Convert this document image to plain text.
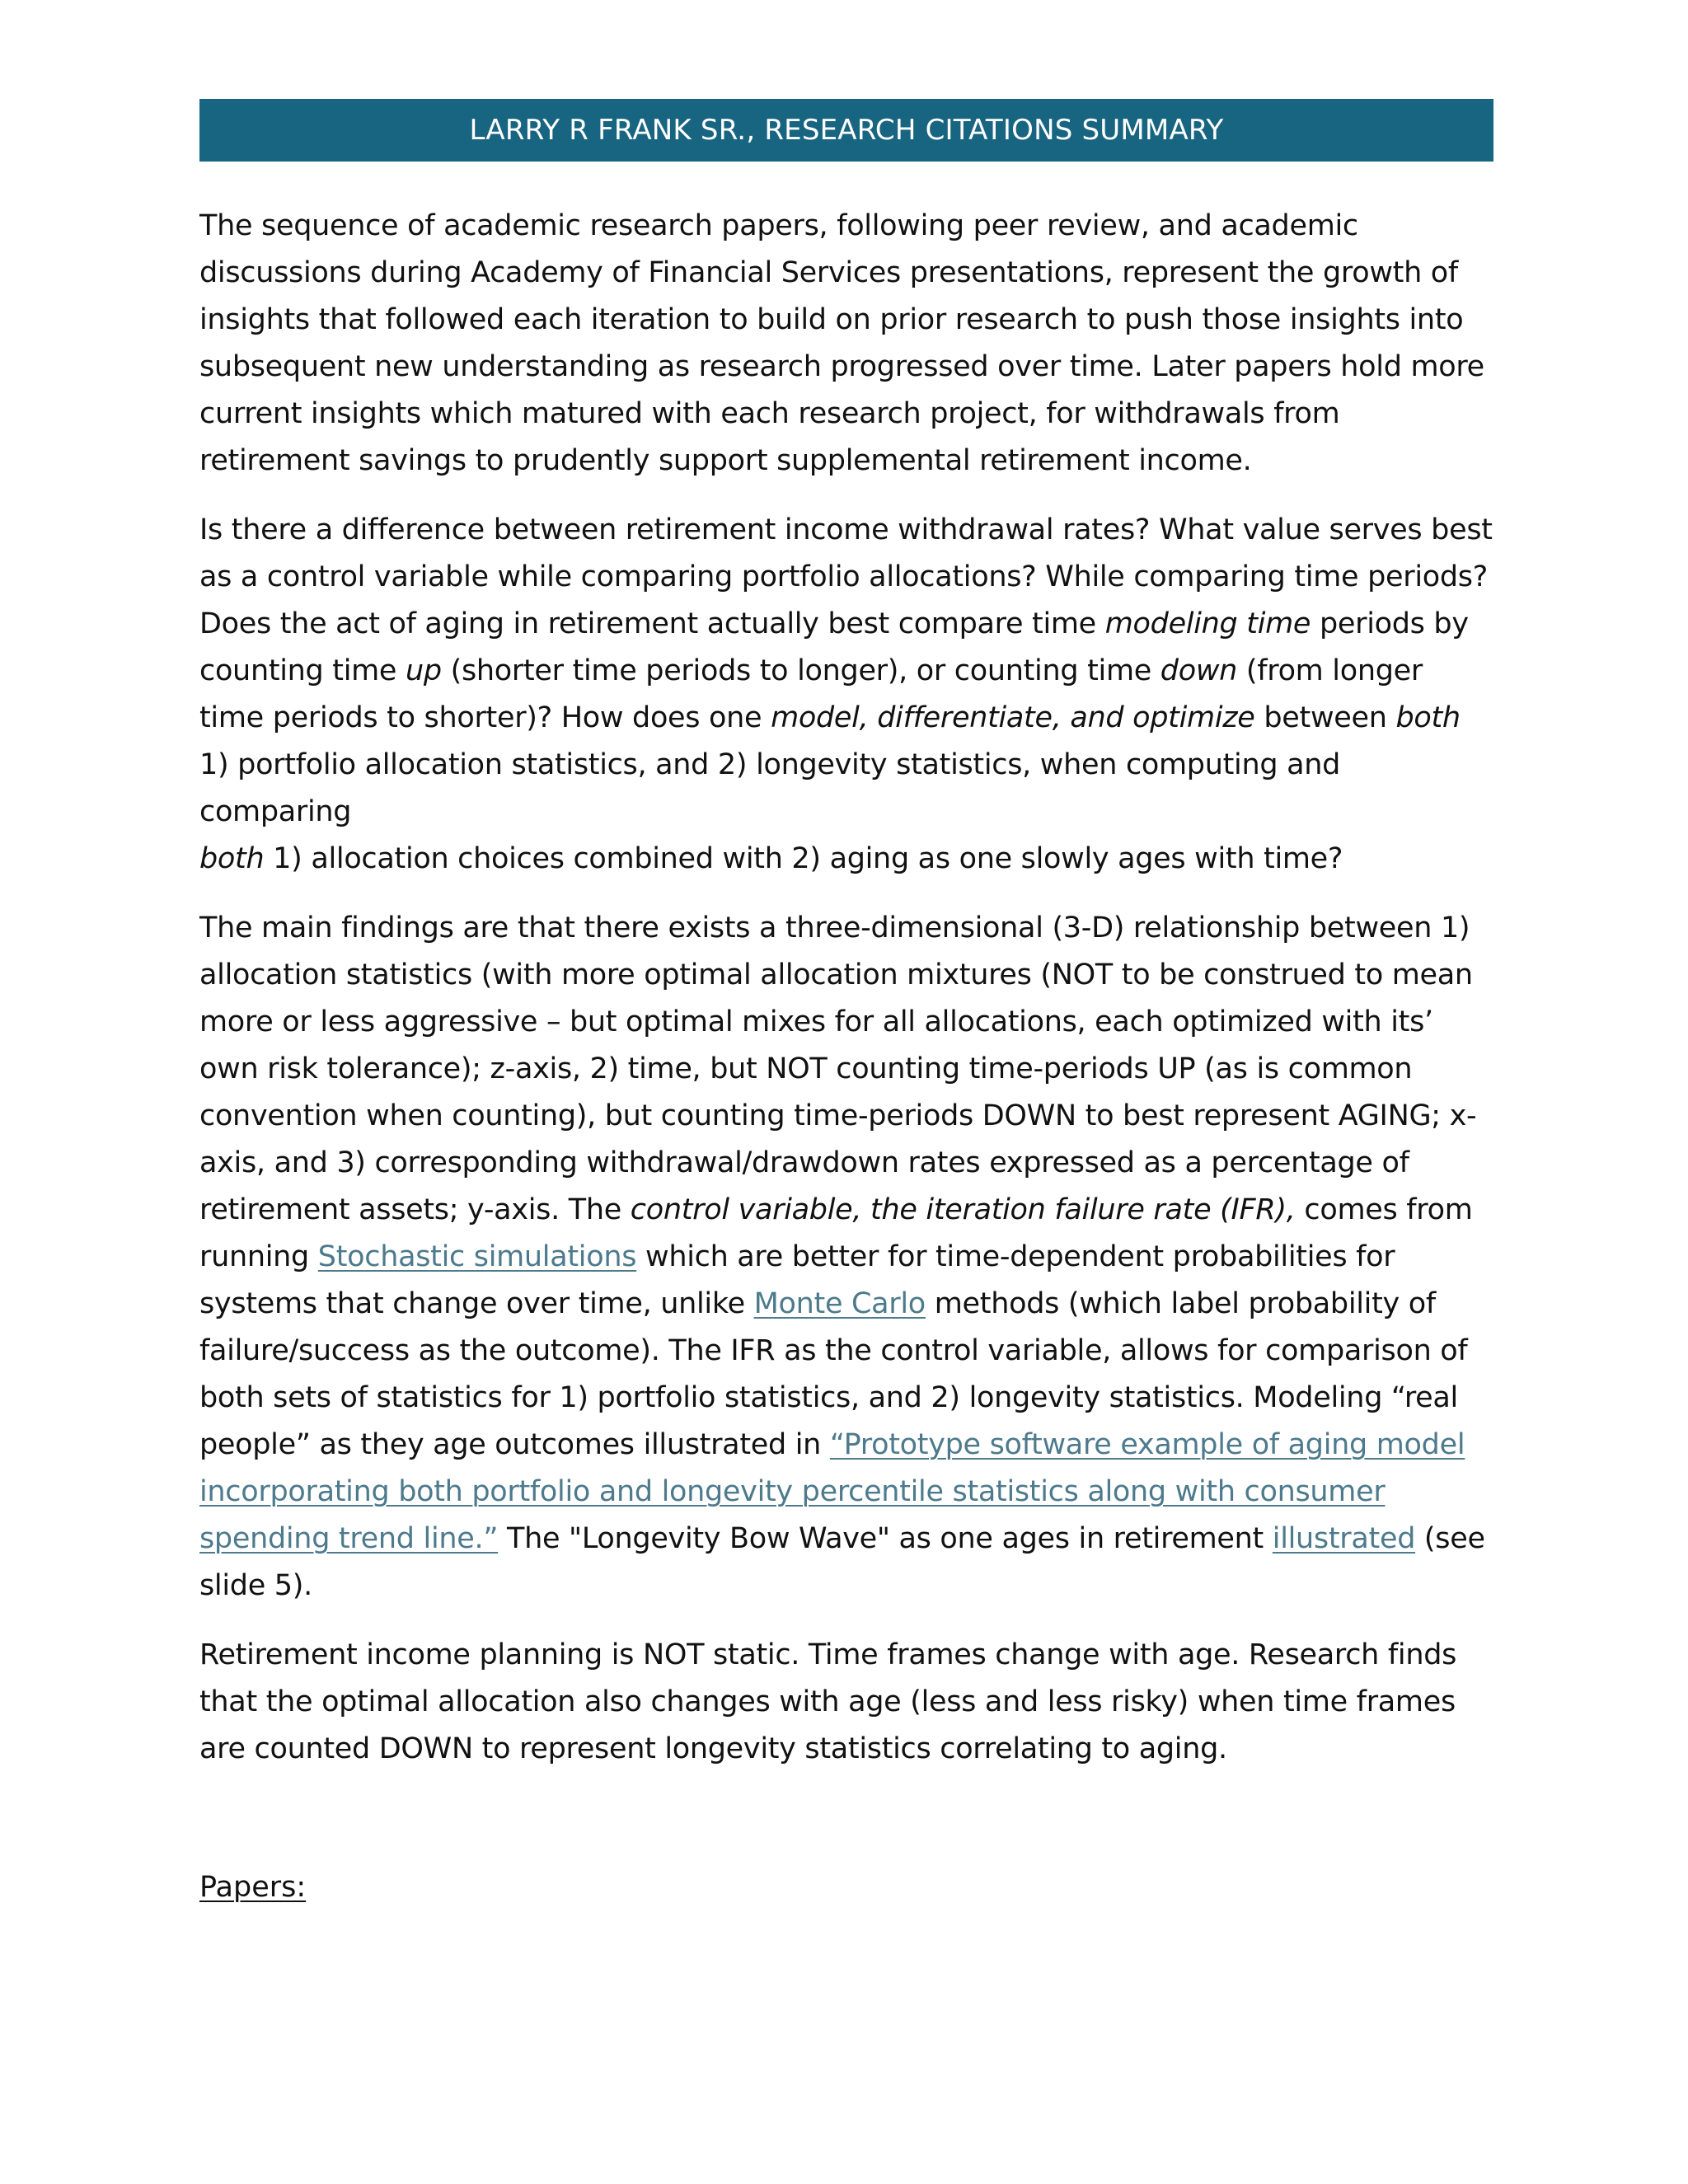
LARRY R FRANK SR., RESEARCH CITATIONS SUMMARY

The sequence of academic research papers, following peer review, and academic discussions during Academy of Financial Services presentations, represent the growth of insights that followed each iteration to build on prior research to push those insights into subsequent new understanding as research progressed over time. Later papers hold more current insights which matured with each research project, for withdrawals from retirement savings to prudently support supplemental retirement income.

Is there a difference between retirement income withdrawal rates? What value serves best as a control variable while comparing portfolio allocations? While comparing time periods? Does the act of aging in retirement actually best compare time modeling time periods by counting time up (shorter time periods to longer), or counting time down (from longer time periods to shorter)? How does one model, differentiate, and optimize between both
1) portfolio allocation statistics, and 2) longevity statistics, when computing and comparing
both 1) allocation choices combined with 2) aging as one slowly ages with time?

The main findings are that there exists a three-dimensional (3-D) relationship between 1) allocation statistics (with more optimal allocation mixtures (NOT to be construed to mean more or less aggressive – but optimal mixes for all allocations, each optimized with its’ own risk tolerance); z-axis, 2) time, but NOT counting time-periods UP (as is common convention when counting), but counting time-periods DOWN to best represent AGING; x-axis, and 3) corresponding withdrawal/drawdown rates expressed as a percentage of retirement assets; y-axis. The control variable, the iteration failure rate (IFR), comes from running Stochastic simulations which are better for time-dependent probabilities for systems that change over time, unlike Monte Carlo methods (which label probability of failure/success as the outcome). The IFR as the control variable, allows for comparison of both sets of statistics for 1) portfolio statistics, and 2) longevity statistics. Modeling “real people” as they age outcomes illustrated in “Prototype software example of aging model incorporating both portfolio and longevity percentile statistics along with consumer spending trend line.” The "Longevity Bow Wave" as one ages in retirement illustrated (see slide 5).

Retirement income planning is NOT static. Time frames change with age. Research finds that the optimal allocation also changes with age (less and less risky) when time frames are counted DOWN to represent longevity statistics correlating to aging.

Papers:
